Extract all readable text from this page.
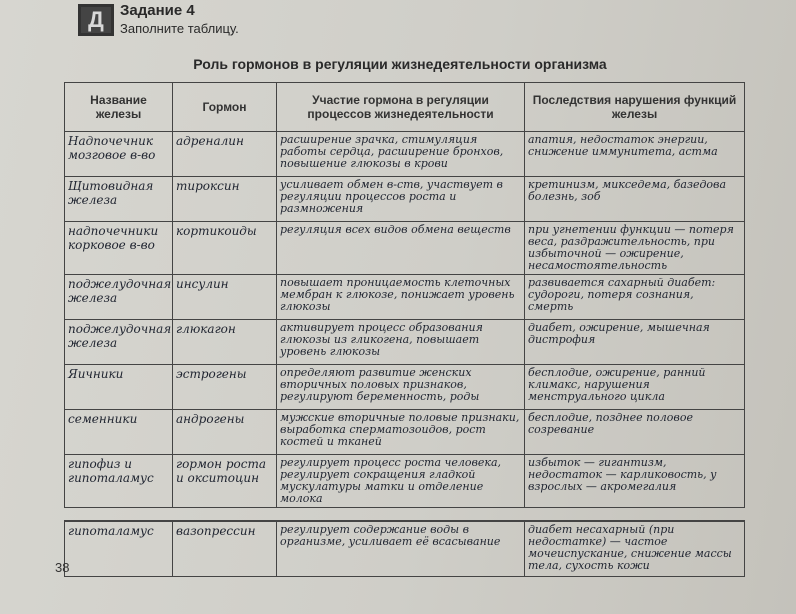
Д	Задание 4
Заполните таблицу.
Роль гормонов в регуляции жизнедеятельности организма
Название железы	Гормон	Участие гормона в регуляции процессов жизнедеятельности	Последствия нарушения функций железы
Надпочечник мозговое в-во	адреналин	расширение зрачка, стимуляция работы сердца, расширение бронхов, повышение глюкозы в крови	апатия, недостаток энергии, снижение иммунитета, астма
Щитовидная железа	тироксин	усиливает обмен в-ств, участвует в регуляции процессов роста и размножения	кретинизм, микседема, базедова болезнь, зоб
надпочечники корковое в-во	кортикоиды	регуляция всех видов обмена веществ	при угнетении функции — потеря веса, раздражительность, при избыточной — ожирение, несамостоятельность
поджелудочная железа	инсулин	повышает проницаемость клеточных мембран к глюкозе, понижает уровень глюкозы	развивается сахарный диабет: судороги, потеря сознания, смерть
поджелудочная железа	глюкагон	активирует процесс образования глюкозы из гликогена, повышает уровень глюкозы	диабет, ожирение, мышечная дистрофия
Яичники	эстрогены	определяют развитие женских вторичных половых признаков, регулируют беременность, роды	бесплодие, ожирение, ранний климакс, нарушения менструального цикла
семенники	андрогены	мужские вторичные половые признаки, выработка сперматозоидов, рост костей и тканей	бесплодие, позднее половое созревание
гипофиз и гипоталамус	гормон роста и окситоцин	регулирует процесс роста человека, регулирует сокращения гладкой мускулатуры матки и отделение молока	избыток — гигантизм, недостаток — карликовость, у взрослых — акромегалия

гипоталамус	вазопрессин	регулирует содержание воды в организме, усиливает её всасывание	диабет несахарный (при недостатке) — частое мочеиспускание, снижение массы тела, сухость кожи
38
